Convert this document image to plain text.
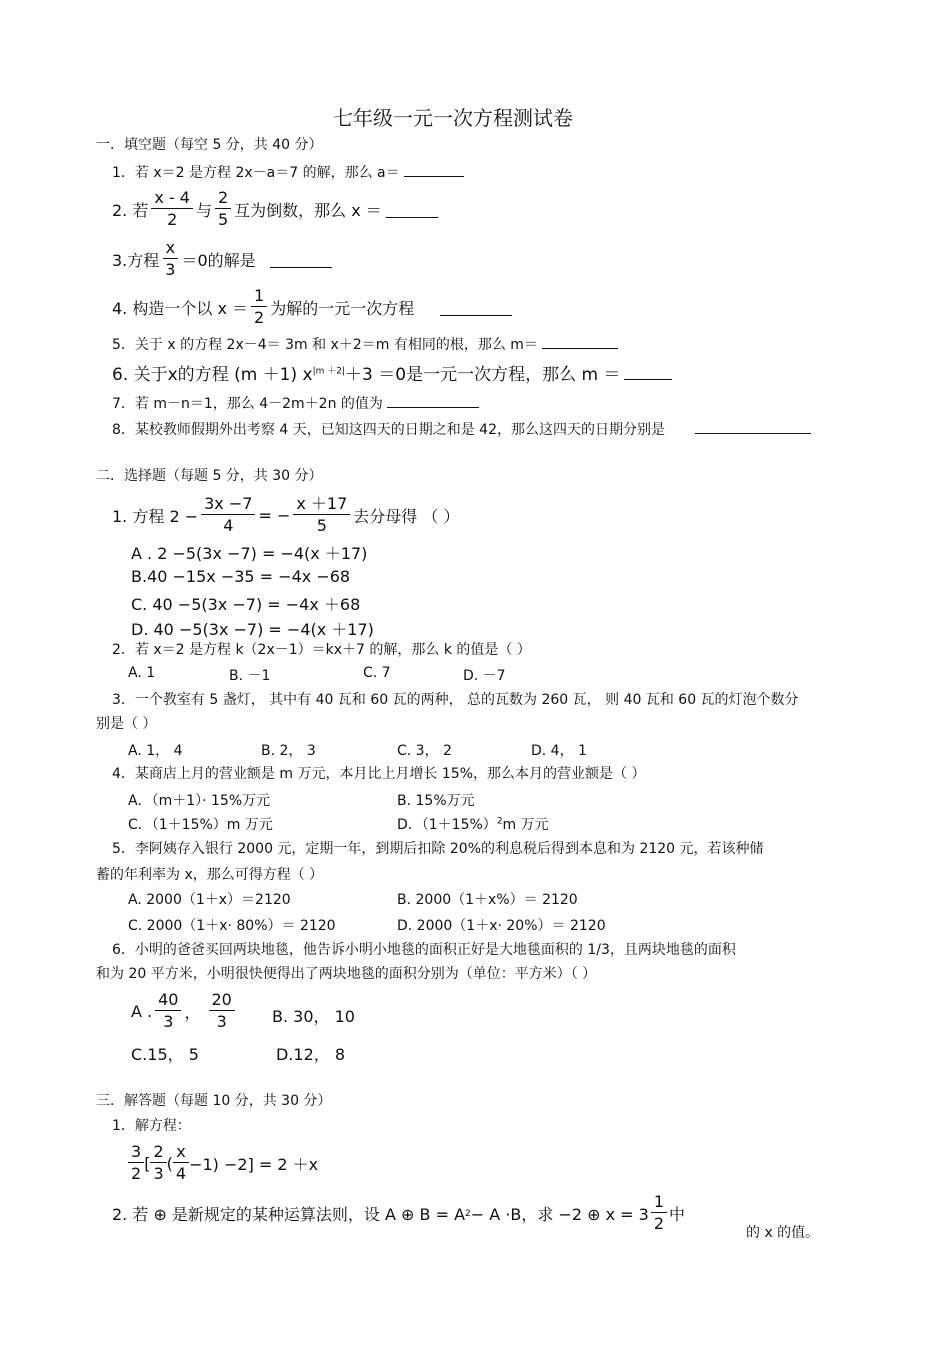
七年级一元一次方程测试卷
一．填空题（每空 5 分，共 40 分）
1．若 x＝2 是方程 2x－a＝7 的解，那么 a＝
2. 若 $\frac{x - 4}{2}$ 与 $\frac{2}{5}$ 互为倒数，那么 x ＝
3.方程 $\frac{x}{3} =0$的解是
4. 构造一个以 $x = \frac{1}{2}$ 为解的一元一次方程
5．关于 x 的方程 2x－4＝ 3m 和 x＋2＝m 有相同的根，那么 m＝
6. 关于x的方程 (m ＋1) $x^{|m +2|}+3 =0$是一元一次方程，那么 m ＝
7．若 m－n＝1，那么 4－2m＋2n 的值为
8．某校教师假期外出考察 4 天，已知这四天的日期之和是 42，那么这四天的日期分别是
二．选择题（每题 5 分，共 30 分）
1. 方程 $2 - \frac{3x -7}{4}$ = − $\frac{x +17}{5}$ 去分母得 （ ）
A . 2 −5(3x −7) = −4(x ＋17)
B.40 −15x −35 = −4x −68
C. 40 −5(3x −7) = −4x ＋68
D. 40 −5(3x −7) = −4(x ＋17)
2．若 x＝2 是方程 k（2x－1）＝kx＋7 的解，那么 k 的值是（ ）
A. 1	B. －1	C. 7	D. －7
3．一个教室有 5 盏灯， 其中有 40 瓦和 60 瓦的两种， 总的瓦数为 260 瓦， 则 40 瓦和 60 瓦的灯泡个数分
别是（ ）
A. 1， 4	B. 2， 3	C. 3， 2	D. 4， 1
4．某商店上月的营业额是 m 万元，本月比上月增长 15%，那么本月的营业额是（ ）
A．（m＋1）· 15%万元	B. 15%万元
C．（1＋15%）m 万元	D．$(1+15\%)^2m$ 万元
5．李阿姨存入银行 2000 元，定期一年，到期后扣除 20%的利息税后得到本息和为 2120 元，若该种储
蓄的年利率为 x，那么可得方程（ ）
A. 2000（1＋x）＝2120	B. 2000（1＋x%）＝ 2120
C. 2000（1＋x· 80%）＝ 2120	D. 2000（1＋x· 20%）＝ 2120
6．小明的爸爸买回两块地毯，他告诉小明小地毯的面积正好是大地毯面积的 1/3，且两块地毯的面积
和为 20 平方米，小明很快便得出了两块地毯的面积分别为（单位：平方米）（ ）
A . $\frac{40}{3}$ ， $\frac{20}{3} B$. 30， 10
C.15， 5	D.12， 8
三．解答题（每题 10 分，共 30 分）
1．解方程：
$\frac{3}{2}$ [ $\frac{2}{3}$ ( $\frac{x}{4} -1) -2] = 2 +x$
2. 若 ⊕ 是新规定的某种运算法则，设 A ⊕ B = A 2 − A ·B，求 −2 ⊕ $x = 3 \frac{1}{2}$ 中
的 x 的值。
